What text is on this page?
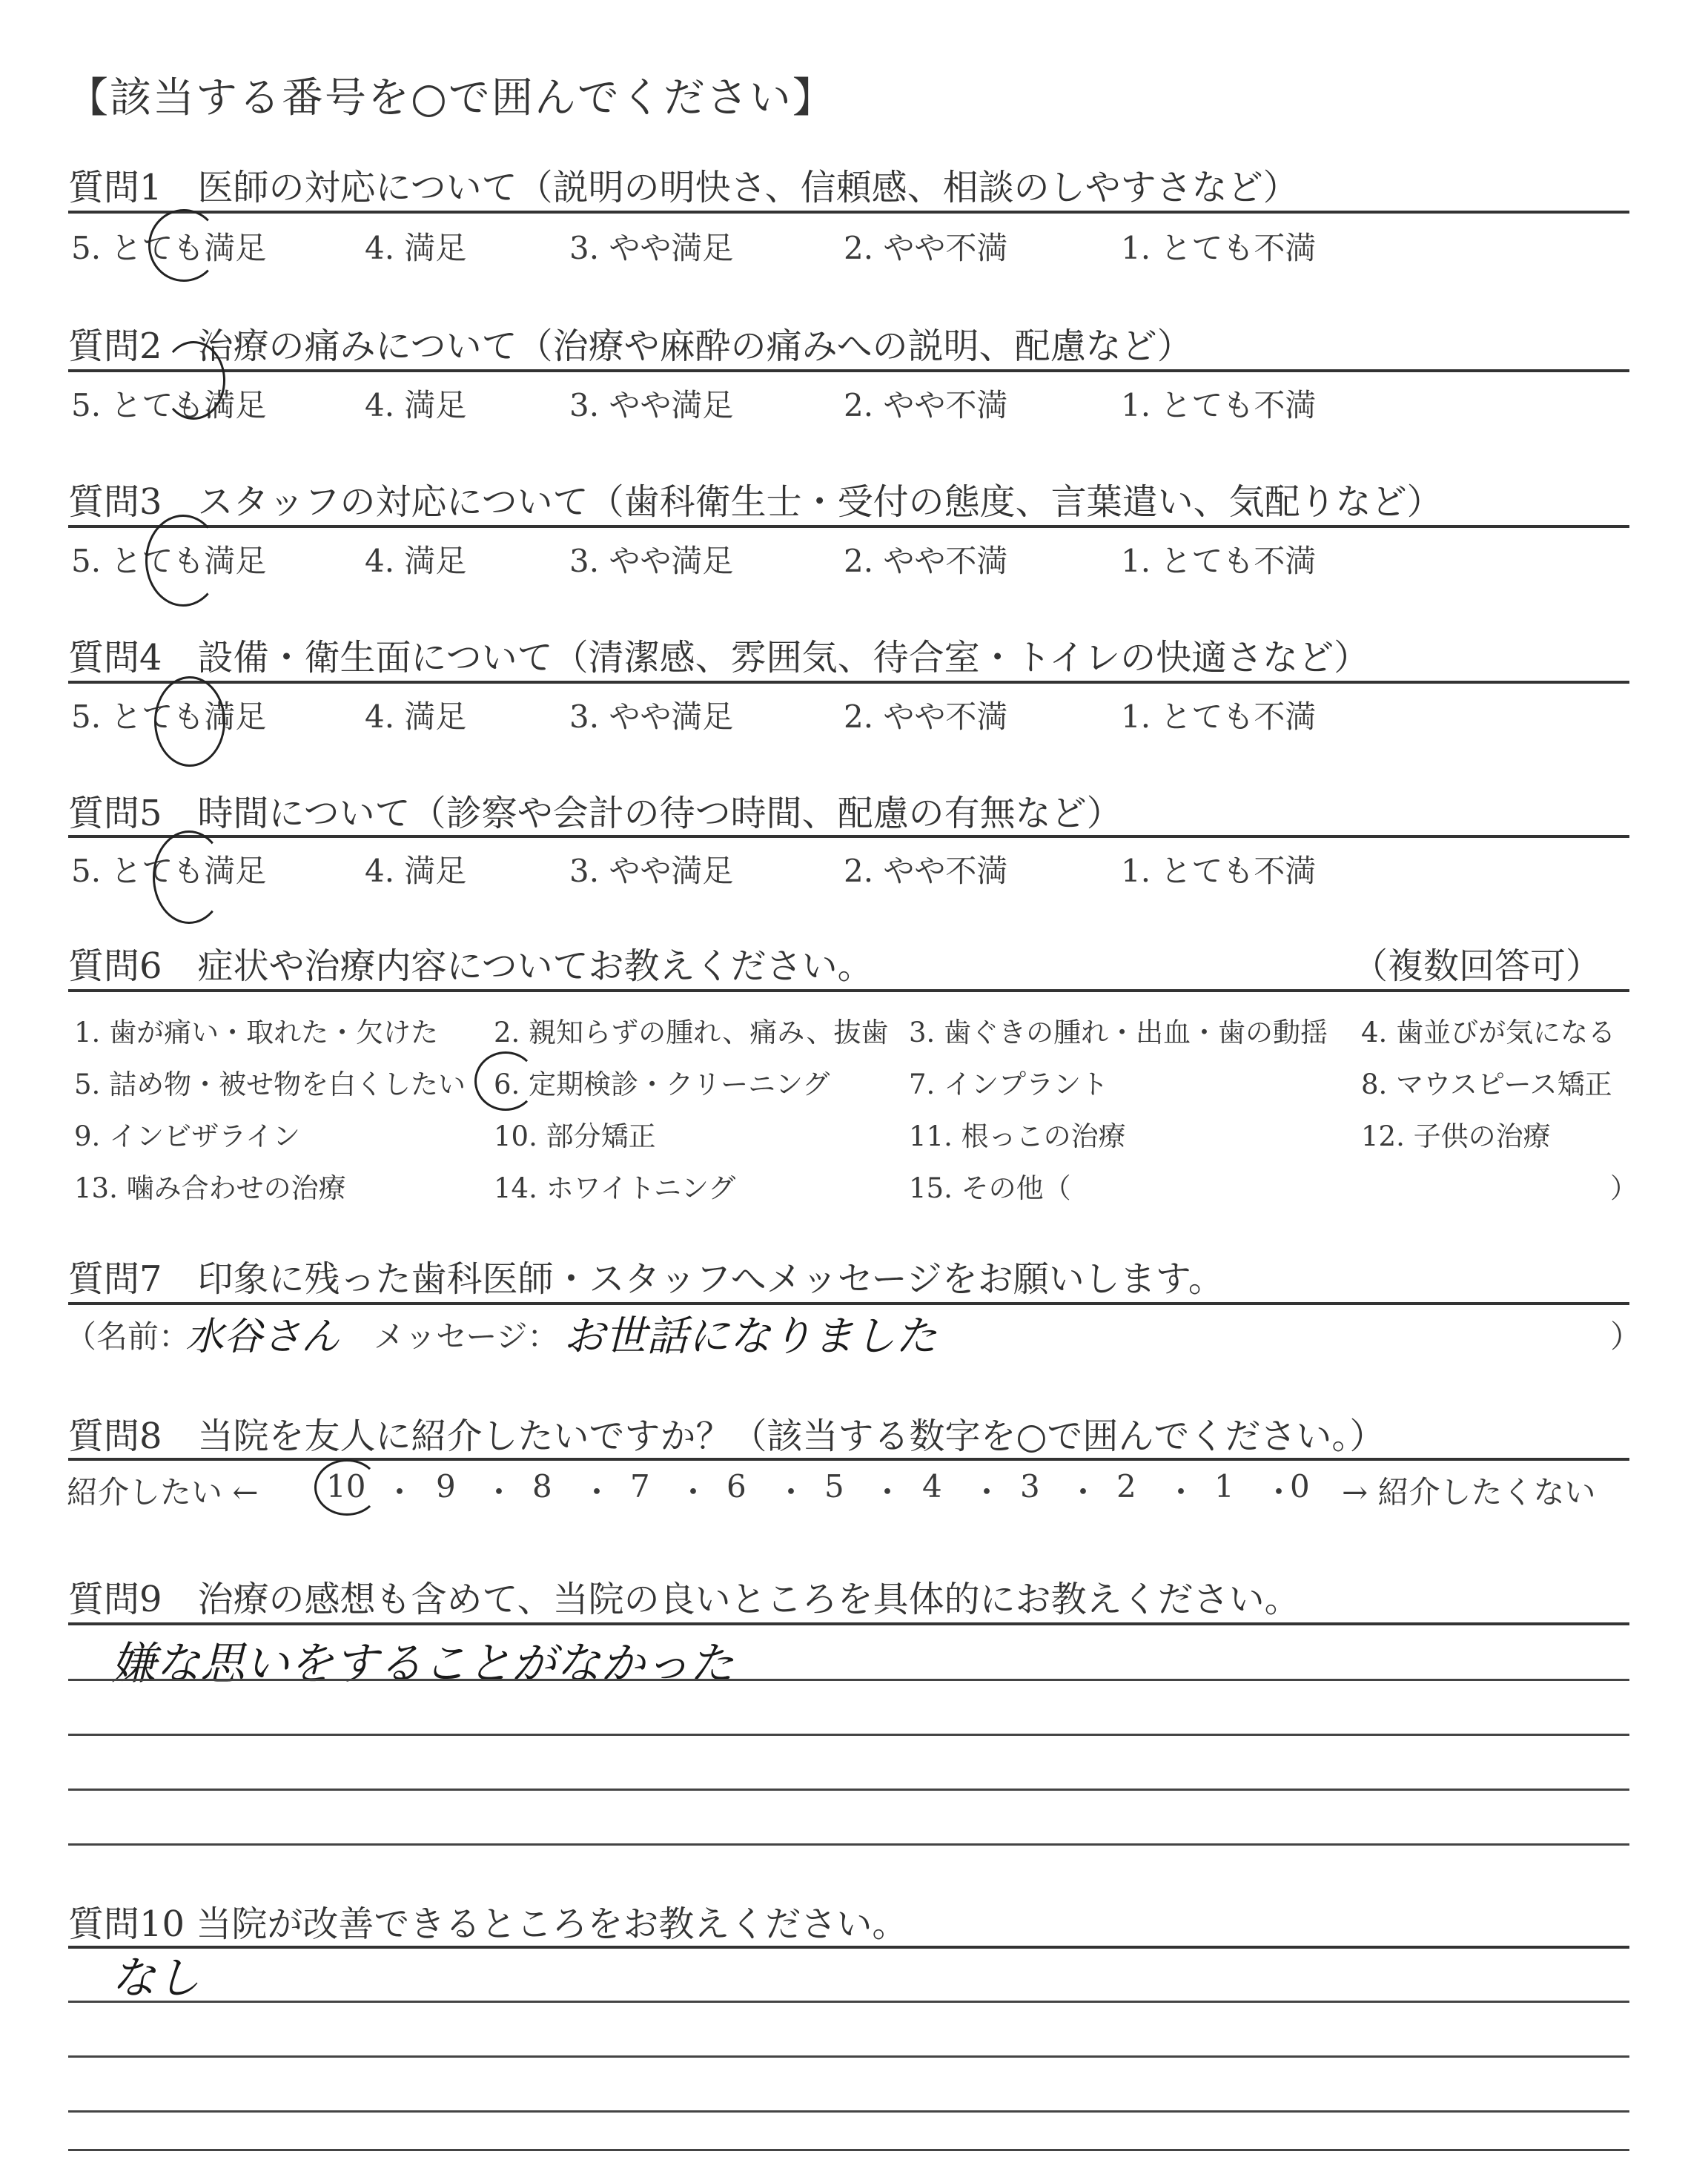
【該当する番号を○で囲んでください】
質問1　医師の対応について（説明の明快さ、信頼感、相談のしやすさなど）
5. とても満足	4. 満足	3. やや満足	2. やや不満	1. とても不満
質問2　治療の痛みについて（治療や麻酔の痛みへの説明、配慮など）
5. とても満足	4. 満足	3. やや満足	2. やや不満	1. とても不満
質問3　スタッフの対応について（歯科衛生士・受付の態度、言葉遣い、気配りなど）
5. とても満足	4. 満足	3. やや満足	2. やや不満	1. とても不満
質問4　設備・衛生面について（清潔感、雰囲気、待合室・トイレの快適さなど）
5. とても満足	4. 満足	3. やや満足	2. やや不満	1. とても不満
質問5　時間について（診察や会計の待つ時間、配慮の有無など）
5. とても満足	4. 満足	3. やや満足	2. やや不満	1. とても不満
質問6　症状や治療内容についてお教えください。	（複数回答可）
1. 歯が痛い・取れた・欠けた 2. 親知らずの腫れ、痛み、抜歯 3. 歯ぐきの腫れ・出血・歯の動揺 4. 歯並びが気になる
5. 詰め物・被せ物を白くしたい 6. 定期検診・クリーニング	7. インプラント	8. マウスピース矯正
9. インビザライン	10. 部分矯正	11. 根っこの治療	12. 子供の治療
13. 噛み合わせの治療	14. ホワイトニング	15. その他（	）
質問7　印象に残った歯科医師・スタッフへメッセージをお願いします。
（名前：
水谷さん メッセージ： お世話になりました	）
質問8　当院を友人に紹介したいですか？（該当する数字を○で囲んでください。）
紹介したい ← 10 ・ 9 ・ 8 ・ 7 ・ 6 ・ 5 ・ 4 ・ 3 ・ 2 ・ 1 ・
0 → 紹介したくない
質問9　治療の感想も含めて、当院の良いところを具体的にお教えください。
嫌な思いをすることがなかった
質問10 当院が改善できるところをお教えください。
なし
